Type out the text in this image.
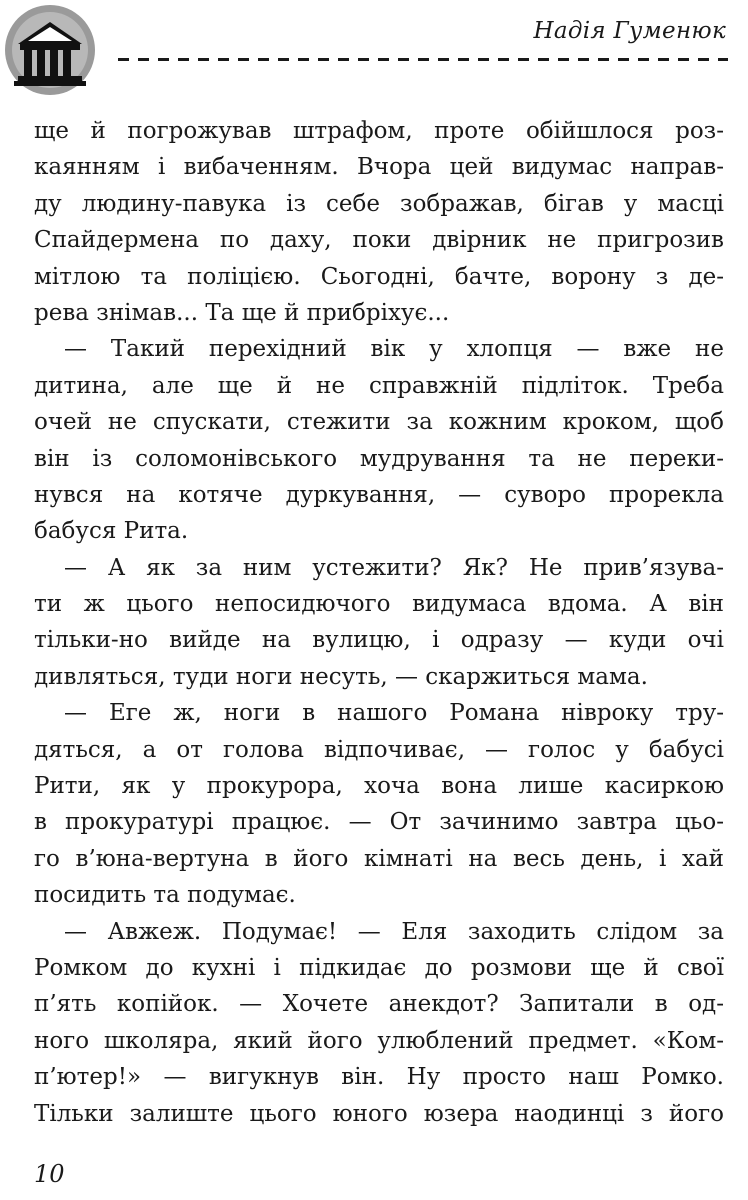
Надія Гуменюк
ще й погрожував штрафом, проте обійшлося роз-
каянням і вибаченням. Вчора цей видумас направ-
ду людину-павука із себе зображав, бігав у масці
Спайдермена по даху, поки двірник не пригрозив
мітлою та поліцією. Сьогодні, бачте, ворону з де-
рева знімав... Та ще й прибріхує...
— Такий перехідний вік у хлопця — вже не
дитина, але ще й не справжній підліток. Треба
очей не спускати, стежити за кожним кроком, щоб
він із соломонівського мудрування та не переки-
нувся на котяче дуркування, — суворо прорекла
бабуся Рита.
— А як за ним устежити? Як? Не прив’язува-
ти ж цього непосидючого видумаса вдома. А він
тільки-но вийде на вулицю, і одразу — куди очі
дивляться, туди ноги несуть, — скаржиться мама.
— Еге ж, ноги в нашого Романа нівроку тру-
дяться, а от голова відпочиває, — голос у бабусі
Рити, як у прокурора, хоча вона лише касиркою
в прокуратурі працює. — От зачинимо завтра цьо-
го в’юна-вертуна в його кімнаті на весь день, і хай
посидить та подумає.
— Авжеж. Подумає! — Еля заходить слідом за
Ромком до кухні і підкидає до розмови ще й свої
п’ять копійок. — Хочете анекдот? Запитали в од-
ного школяра, який його улюблений предмет. «Ком-
п’ютер!» — вигукнув він. Ну просто наш Ромко.
Тільки залиште цього юного юзера наодинці з його
10
